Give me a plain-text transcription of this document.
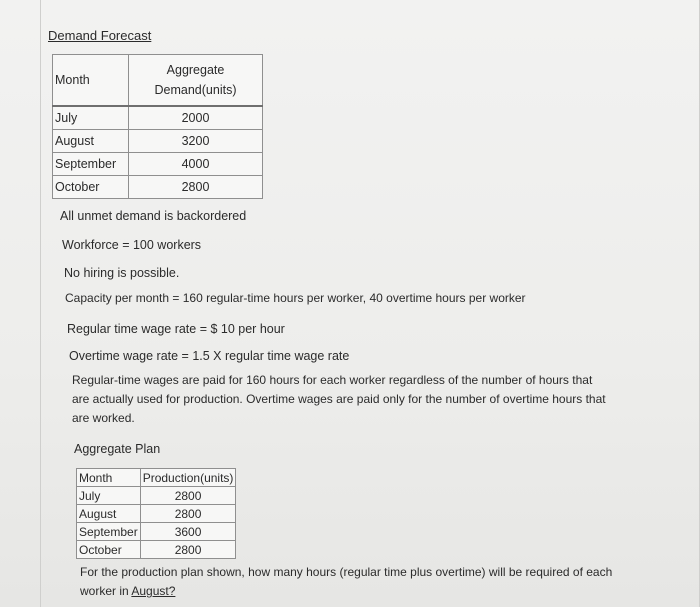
Demand Forecast
Month	Aggregate
Demand(units)

July	2000
August	3200
September	4000
October	2800
All unmet demand is backordered
Workforce = 100 workers
No hiring is possible.
Capacity per month = 160 regular-time hours per worker, 40 overtime hours per worker
Regular time wage rate = $ 10 per hour
Overtime wage rate = 1.5 X regular time wage rate
Regular-time wages are paid for 160 hours for each worker regardless of the number of hours that are actually used for production. Overtime wages are paid only for the number of overtime hours that are worked.
Aggregate Plan
Month	Production(units)
July	2800
August	2800
September	3600
October	2800
For the production plan shown, how many hours (regular time plus overtime) will be required of each worker in August?
